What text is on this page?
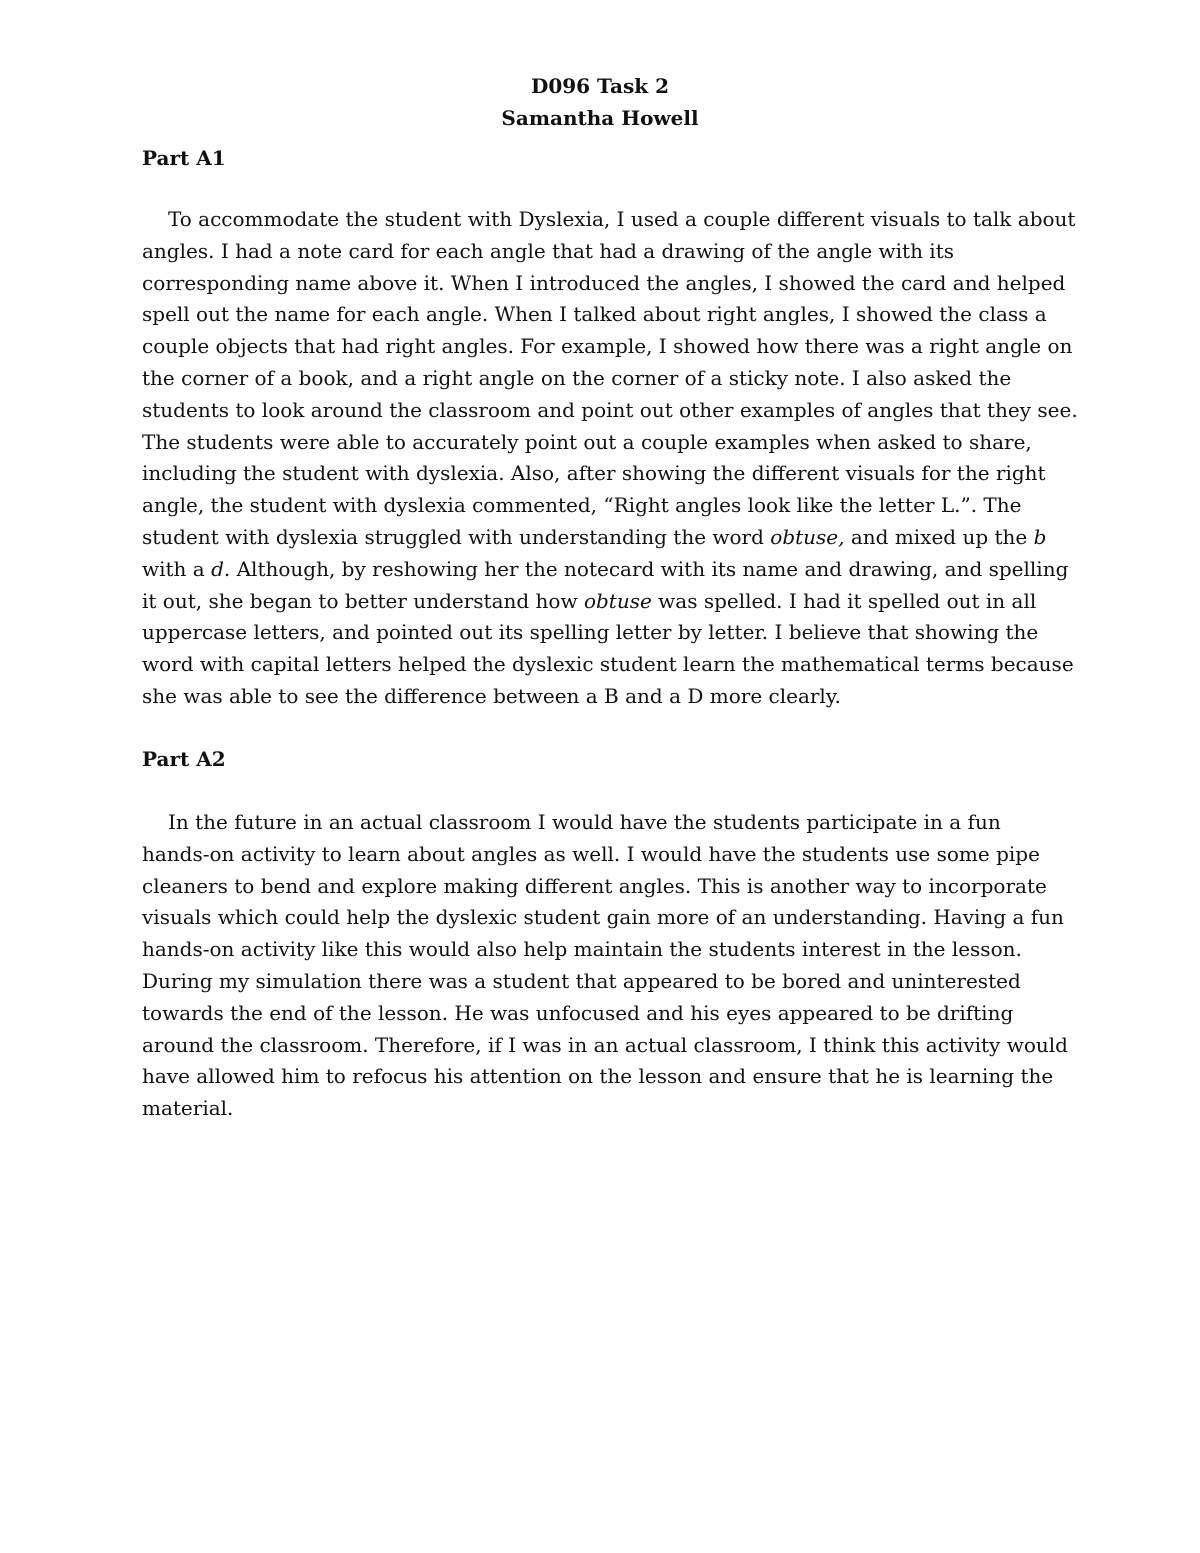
D096 Task 2
Samantha Howell
Part A1

To accommodate the student with Dyslexia, I used a couple different visuals to talk about
angles. I had a note card for each angle that had a drawing of the angle with its
corresponding name above it. When I introduced the angles, I showed the card and helped
spell out the name for each angle. When I talked about right angles, I showed the class a
couple objects that had right angles. For example, I showed how there was a right angle on
the corner of a book, and a right angle on the corner of a sticky note. I also asked the
students to look around the classroom and point out other examples of angles that they see.
The students were able to accurately point out a couple examples when asked to share,
including the student with dyslexia. Also, after showing the different visuals for the right
angle, the student with dyslexia commented, “Right angles look like the letter L.”. The
student with dyslexia struggled with understanding the word obtuse, and mixed up the b
with a d. Although, by reshowing her the notecard with its name and drawing, and spelling
it out, she began to better understand how obtuse was spelled. I had it spelled out in all
uppercase letters, and pointed out its spelling letter by letter. I believe that showing the
word with capital letters helped the dyslexic student learn the mathematical terms because
she was able to see the difference between a B and a D more clearly.

Part A2

In the future in an actual classroom I would have the students participate in a fun
hands-on activity to learn about angles as well. I would have the students use some pipe
cleaners to bend and explore making different angles. This is another way to incorporate
visuals which could help the dyslexic student gain more of an understanding. Having a fun
hands-on activity like this would also help maintain the students interest in the lesson.
During my simulation there was a student that appeared to be bored and uninterested
towards the end of the lesson. He was unfocused and his eyes appeared to be drifting
around the classroom. Therefore, if I was in an actual classroom, I think this activity would
have allowed him to refocus his attention on the lesson and ensure that he is learning the
material.
